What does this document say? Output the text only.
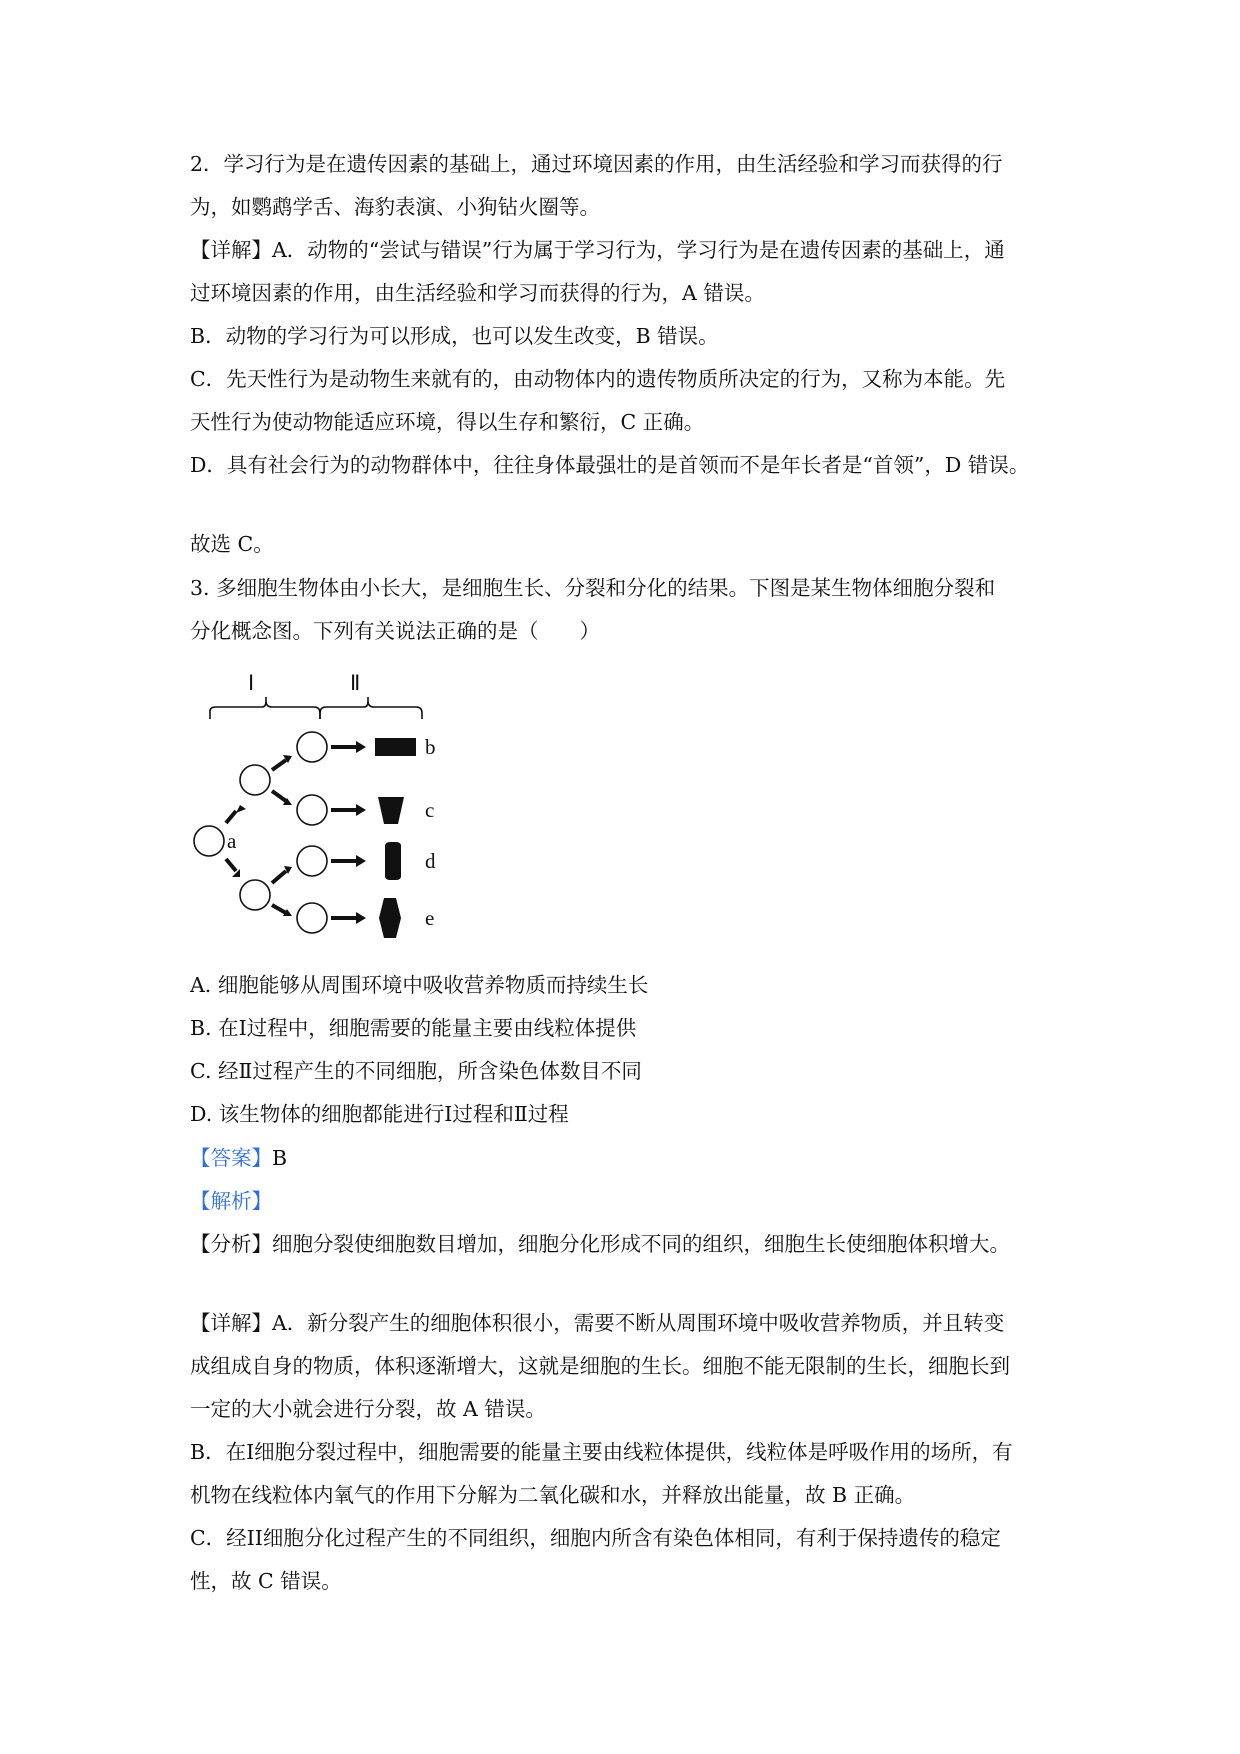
2．学习行为是在遗传因素的基础上，通过环境因素的作用，由生活经验和学习而获得的行
为，如鹦鹉学舌、海豹表演、小狗钻火圈等。
【详解】A．动物的“尝试与错误”行为属于学习行为，学习行为是在遗传因素的基础上，通
过环境因素的作用，由生活经验和学习而获得的行为，A 错误。
B．动物的学习行为可以形成，也可以发生改变，B 错误。
C．先天性行为是动物生来就有的，由动物体内的遗传物质所决定的行为，又称为本能。先
天性行为使动物能适应环境，得以生存和繁衍，C 正确。
D．具有社会行为的动物群体中，往往身体最强壮的是首领而不是年长者是“首领”，D 错误。
故选 C。
3. 多细胞生物体由小长大，是细胞生长、分裂和分化的结果。下图是某生物体细胞分裂和
分化概念图。下列有关说法正确的是（　　）
Ⅰ	Ⅱ
a
b
c
d
e
A. 细胞能够从周围环境中吸收营养物质而持续生长
B. 在Ⅰ过程中，细胞需要的能量主要由线粒体提供
C. 经Ⅱ过程产生的不同细胞，所含染色体数目不同
D. 该生物体的细胞都能进行Ⅰ过程和Ⅱ过程
【答案】B
【解析】
【分析】细胞分裂使细胞数目增加，细胞分化形成不同的组织，细胞生长使细胞体积增大。
【详解】A．新分裂产生的细胞体积很小，需要不断从周围环境中吸收营养物质，并且转变
成组成自身的物质，体积逐渐增大，这就是细胞的生长。细胞不能无限制的生长，细胞长到
一定的大小就会进行分裂，故 A 错误。
B．在I细胞分裂过程中，细胞需要的能量主要由线粒体提供，线粒体是呼吸作用的场所，有
机物在线粒体内氧气的作用下分解为二氧化碳和水，并释放出能量，故 B 正确。
C．经II细胞分化过程产生的不同组织，细胞内所含有染色体相同，有利于保持遗传的稳定
性，故 C 错误。
